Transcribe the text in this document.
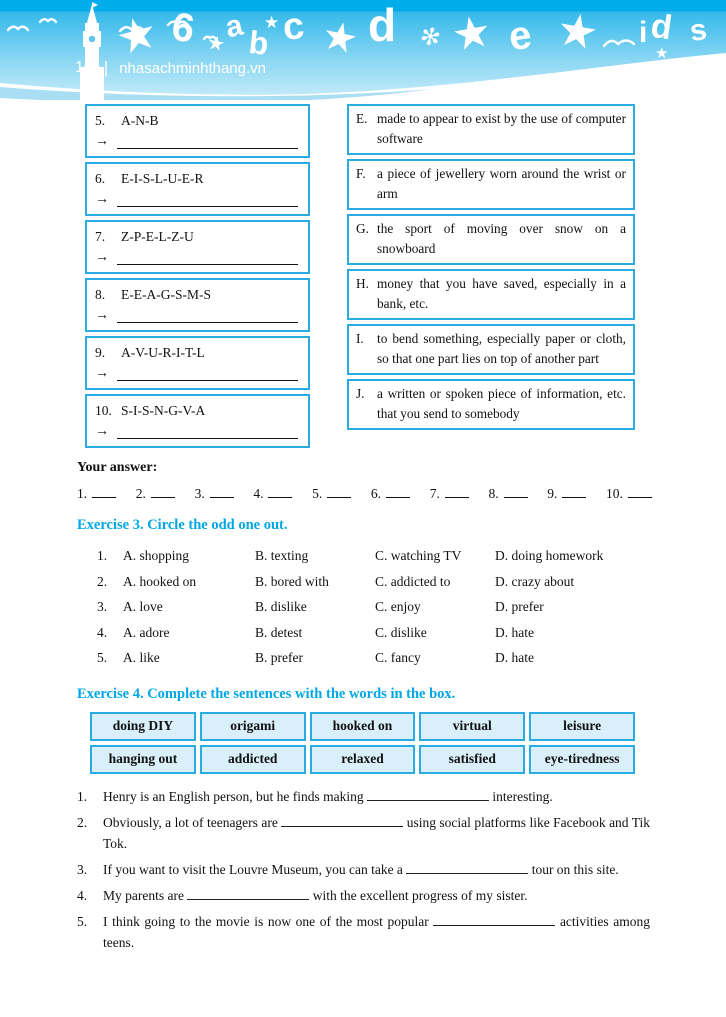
★ 6 ★
a b
★ c ★ d ✻ ★ e ★ i d
★
s
10 | nhasachminhthang.vn
5. A-N-B
→
6. E-I-S-L-U-E-R
→
7. Z-P-E-L-Z-U
→
8. E-E-A-G-S-M-S
→
9. A-V-U-R-I-T-L
→
10. S-I-S-N-G-V-A
→
E. made to appear to exist by the use of computer software
F. a piece of jewellery worn around the wrist or arm
G. the sport of moving over snow on a snowboard
H. money that you have saved, especially in a bank, etc.
I. to bend something, especially paper or cloth, so that one part lies on top of another part
J. a written or spoken piece of information, etc. that you send to somebody
Your answer:
1.	2.	3.	4.	5.	6.	7.	8.	9.	10.
Exercise 3. Circle the odd one out.
1.	A. shopping	B. texting	C. watching TV	D. doing homework
2.	A. hooked on	B. bored with	C. addicted to	D. crazy about
3.	A. love	B. dislike	C. enjoy	D. prefer
4.	A. adore	B. detest	C. dislike	D. hate
5.	A. like	B. prefer	C. fancy	D. hate
Exercise 4. Complete the sentences with the words in the box.
doing DIY	origami	hooked on	virtual	leisure
hanging out	addicted	relaxed	satisfied	eye-tiredness
1. Henry is an English person, but he finds making	interesting.
2. Obviously, a lot of teenagers are	using social platforms like Facebook and Tik Tok.
3. If you want to visit the Louvre Museum, you can take a	tour on this site.
4. My parents are	with the excellent progress of my sister.
5. I think going to the movie is now one of the most popular	activities among teens.
